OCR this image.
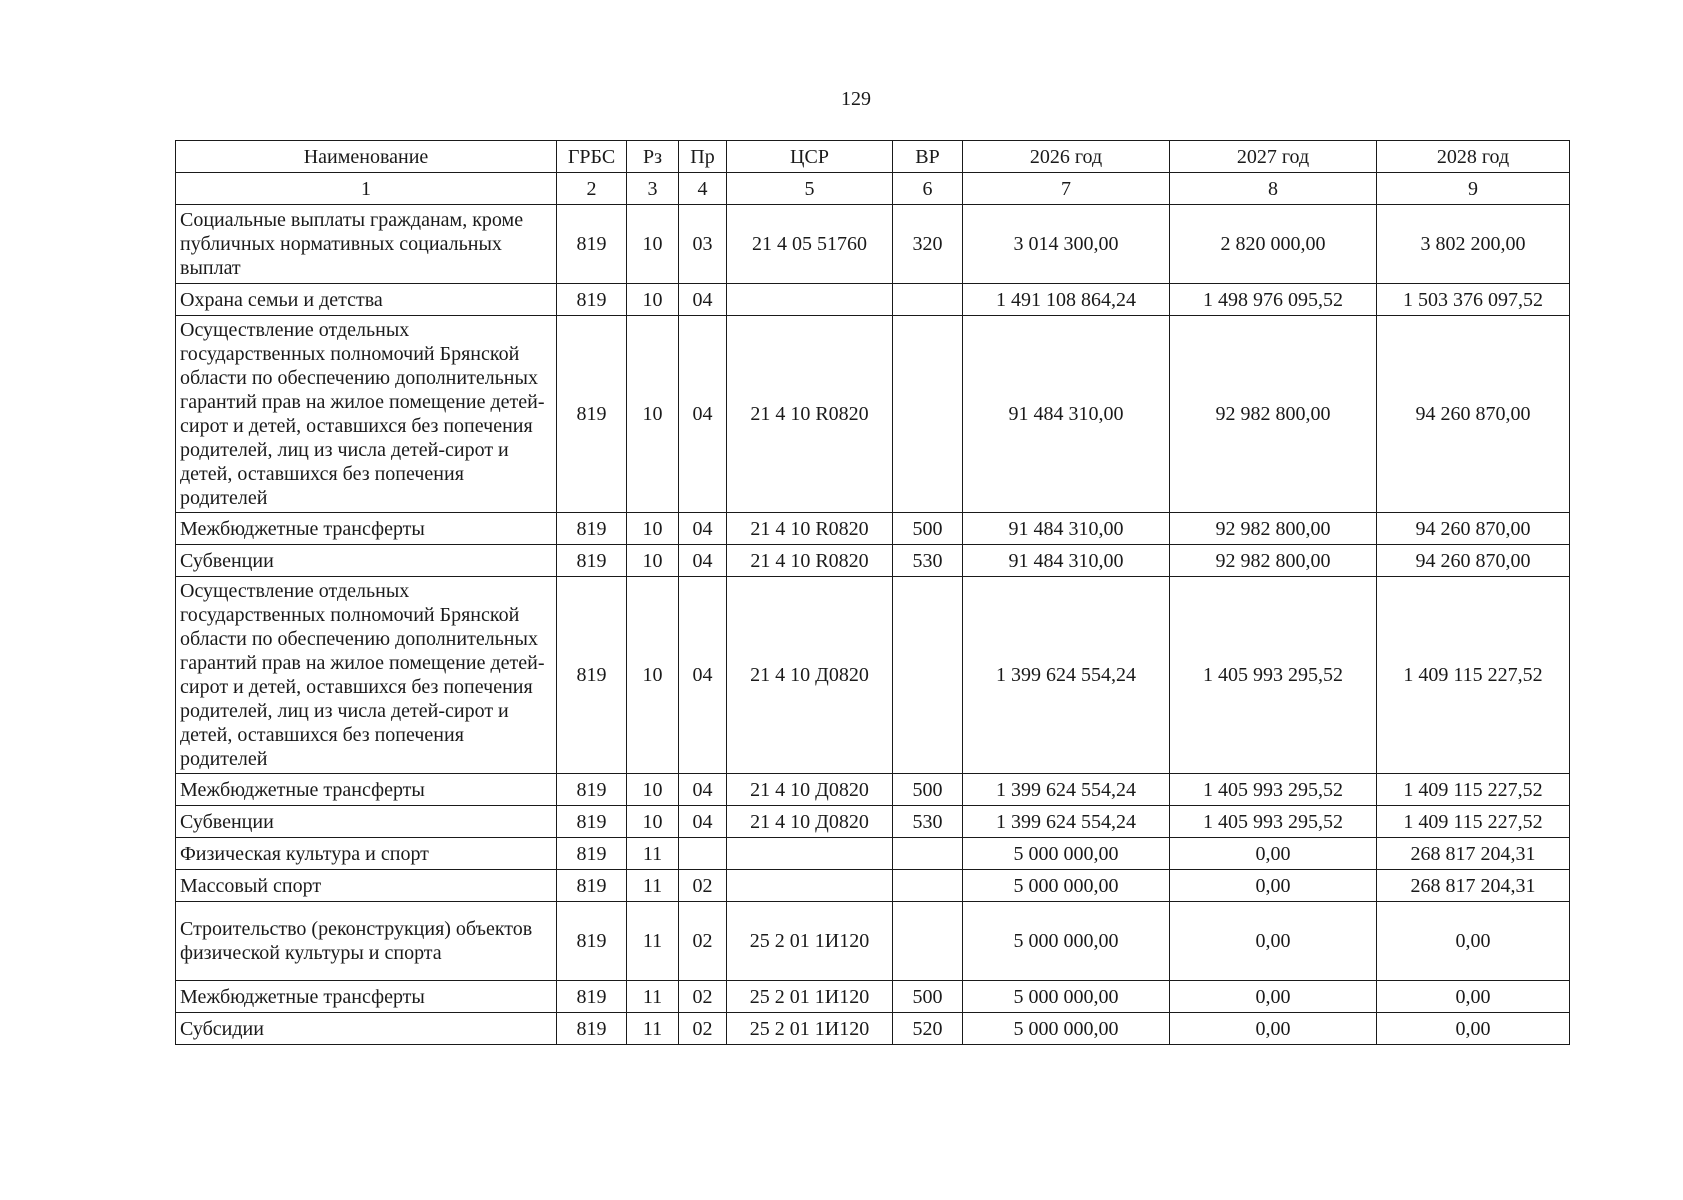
129
Наименование	ГРБС	Рз	Пр	ЦСР	ВР	2026 год	2027 год	2028 год
1	2	3	4	5	6	7	8	9
Социальные выплаты гражданам, кроме публичных нормативных социальных выплат	819	10	03	21 4 05 51760	320	3 014 300,00	2 820 000,00	3 802 200,00
Охрана семьи и детства	819	10	04			1 491 108 864,24	1 498 976 095,52	1 503 376 097,52
Осуществление отдельных государственных полномочий Брянской области по обеспечению дополнительных гарантий прав на жилое помещение детей-сирот и детей, оставшихся без попечения родителей, лиц из числа детей-сирот и детей, оставшихся без попечения родителей	819	10	04	21 4 10 R0820		91 484 310,00	92 982 800,00	94 260 870,00
Межбюджетные трансферты	819	10	04	21 4 10 R0820	500	91 484 310,00	92 982 800,00	94 260 870,00
Субвенции	819	10	04	21 4 10 R0820	530	91 484 310,00	92 982 800,00	94 260 870,00
Осуществление отдельных государственных полномочий Брянской области по обеспечению дополнительных гарантий прав на жилое помещение детей-сирот и детей, оставшихся без попечения родителей, лиц из числа детей-сирот и детей, оставшихся без попечения родителей	819	10	04	21 4 10 Д0820		1 399 624 554,24	1 405 993 295,52	1 409 115 227,52
Межбюджетные трансферты	819	10	04	21 4 10 Д0820	500	1 399 624 554,24	1 405 993 295,52	1 409 115 227,52
Субвенции	819	10	04	21 4 10 Д0820	530	1 399 624 554,24	1 405 993 295,52	1 409 115 227,52
Физическая культура и спорт	819	11				5 000 000,00	0,00	268 817 204,31
Массовый спорт	819	11	02			5 000 000,00	0,00	268 817 204,31
Строительство (реконструкция) объектов физической культуры и спорта	819	11	02	25 2 01 1И120		5 000 000,00	0,00	0,00
Межбюджетные трансферты	819	11	02	25 2 01 1И120	500	5 000 000,00	0,00	0,00
Субсидии	819	11	02	25 2 01 1И120	520	5 000 000,00	0,00	0,00
